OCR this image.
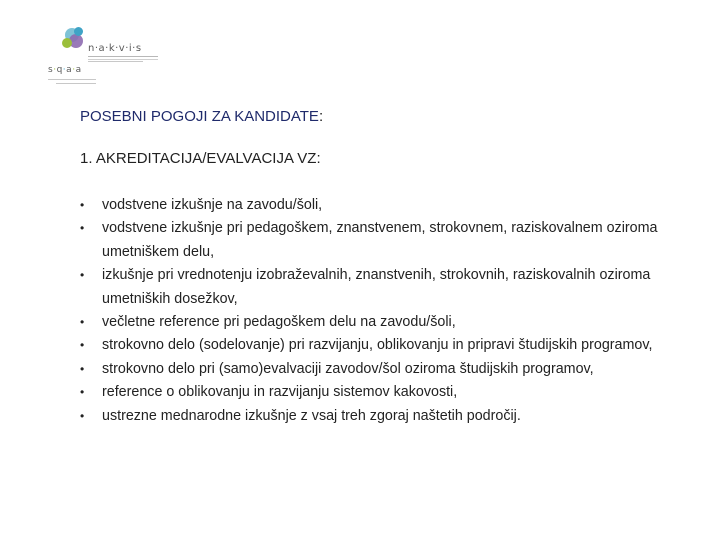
n·a·k·v·i·s
s·q·a·a
POSEBNI POGOJI ZA KANDIDATE:
1. AKREDITACIJA/EVALVACIJA VZ:
• vodstvene izkušnje na zavodu/šoli,
• vodstvene izkušnje pri pedagoškem, znanstvenem, strokovnem, raziskovalnem oziroma umetniškem delu,
• izkušnje pri vrednotenju izobraževalnih, znanstvenih, strokovnih, raziskovalnih oziroma umetniških dosežkov,
• večletne reference pri pedagoškem delu na zavodu/šoli,
• strokovno delo (sodelovanje) pri razvijanju, oblikovanju in pripravi študijskih programov,
• strokovno delo pri (samo)evalvaciji zavodov/šol oziroma študijskih programov,
• reference o oblikovanju in razvijanju sistemov kakovosti,
• ustrezne mednarodne izkušnje z vsaj treh zgoraj naštetih področij.
